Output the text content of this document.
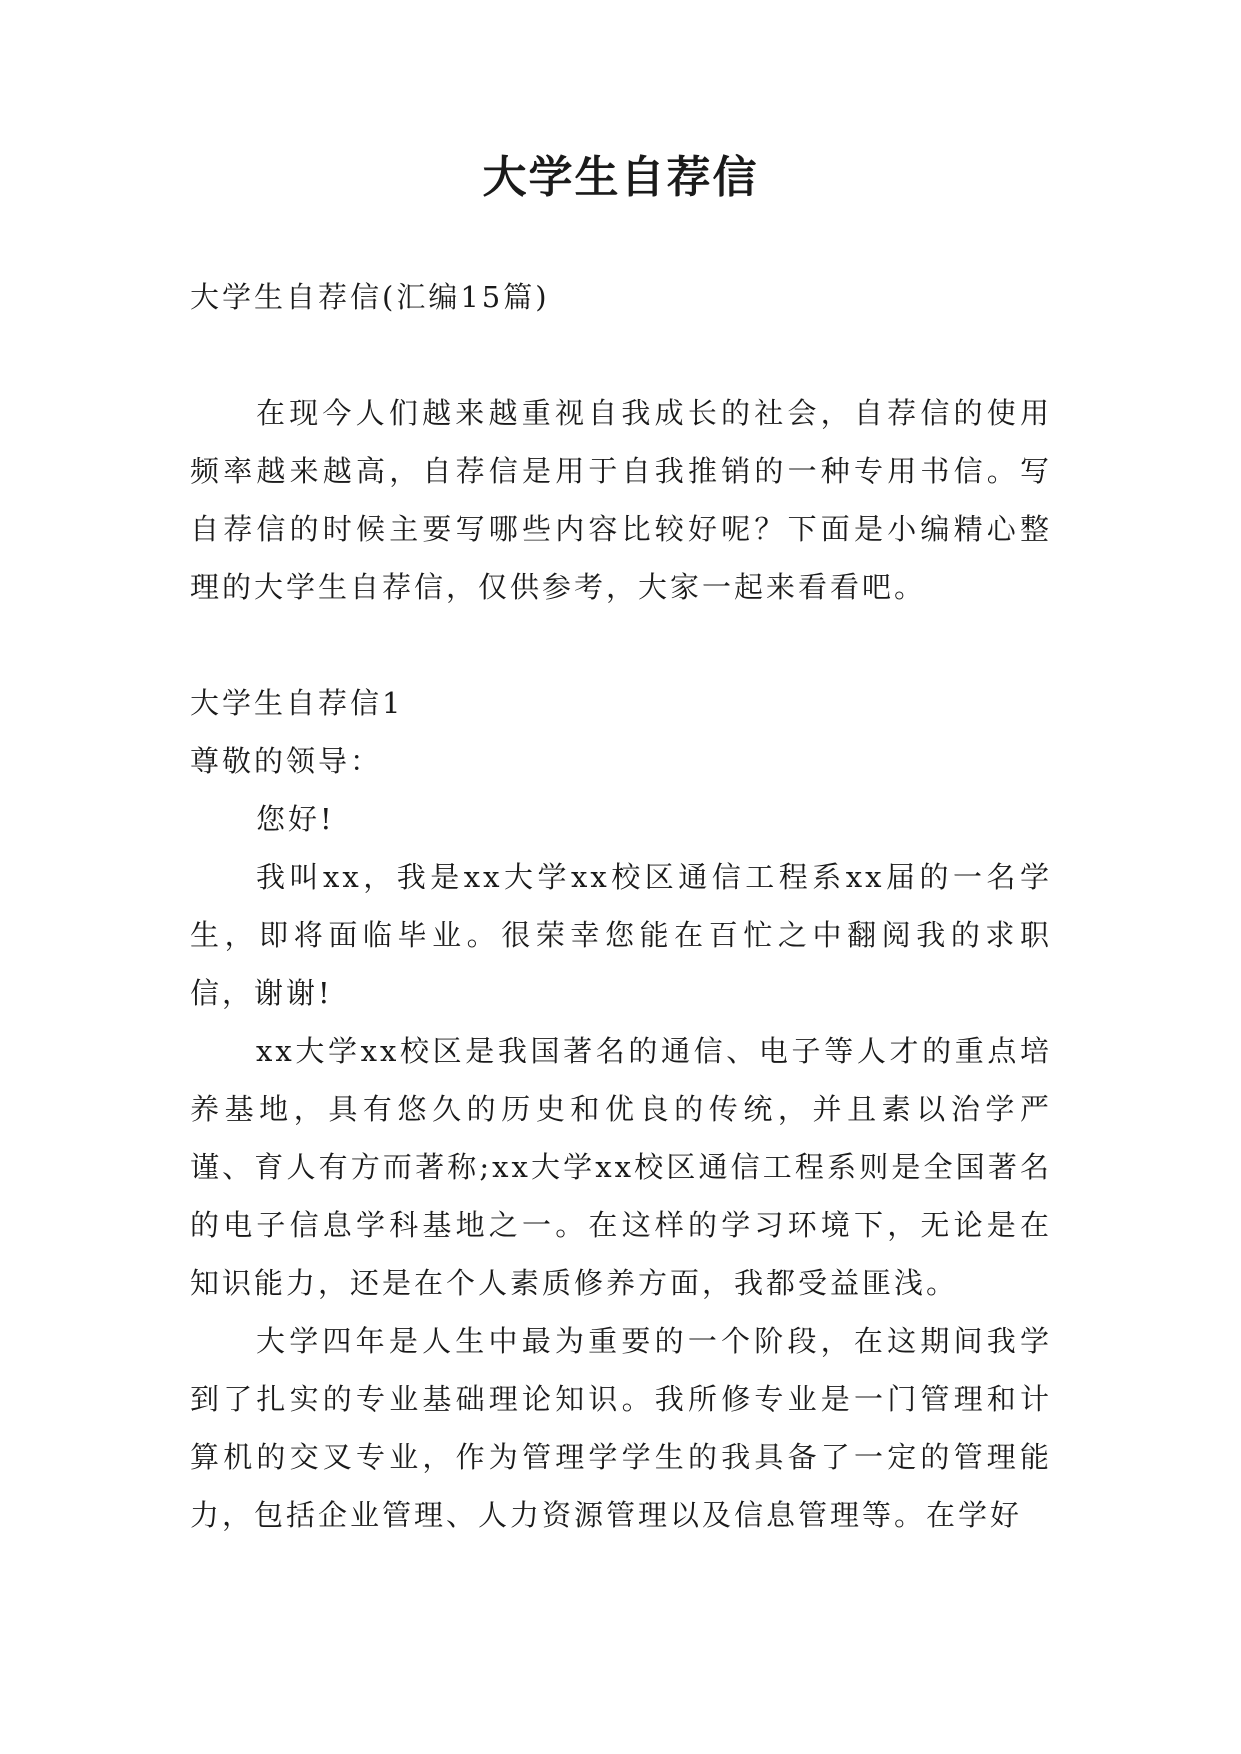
大学生自荐信

大学生自荐信(汇编15篇)

在现今人们越来越重视自我成长的社会，自荐信的使用频率越来越高，自荐信是用于自我推销的一种专用书信。写自荐信的时候主要写哪些内容比较好呢？下面是小编精心整理的大学生自荐信，仅供参考，大家一起来看看吧。

大学生自荐信1

尊敬的领导：

您好!

我叫xx，我是xx大学xx校区通信工程系xx届的一名学生，即将面临毕业。很荣幸您能在百忙之中翻阅我的求职信，谢谢!

xx大学xx校区是我国著名的通信、电子等人才的重点培养基地，具有悠久的历史和优良的传统，并且素以治学严谨、育人有方而著称;xx大学xx校区通信工程系则是全国著名的电子信息学科基地之一。在这样的学习环境下，无论是在知识能力，还是在个人素质修养方面，我都受益匪浅。

大学四年是人生中最为重要的一个阶段，在这期间我学到了扎实的专业基础理论知识。我所修专业是一门管理和计算机的交叉专业，作为管理学学生的我具备了一定的管理能力，包括企业管理、人力资源管理以及信息管理等。在学好
